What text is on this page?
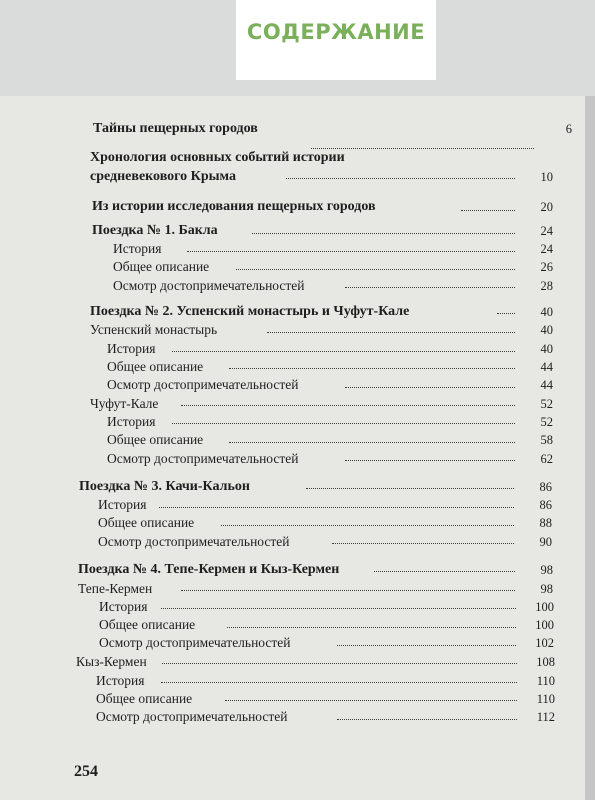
СОДЕРЖАНИЕ
Тайны пещерных городов	6
Хронология основных событий истории
средневекового Крыма	10
Из истории исследования пещерных городов	20
Поездка № 1. Бакла	24
История	24
Общее описание	26
Осмотр достопримечательностей	28
Поездка № 2. Успенский монастырь и Чуфут-Кале	40
Успенский монастырь	40
История	40
Общее описание	44
Осмотр достопримечательностей	44
Чуфут-Кале	52
История	52
Общее описание	58
Осмотр достопримечательностей	62
Поездка № 3. Качи-Кальон	86
История	86
Общее описание	88
Осмотр достопримечательностей	90
Поездка № 4. Тепе-Кермен и Кыз-Кермен	98
Тепе-Кермен	98
История	100
Общее описание	100
Осмотр достопримечательностей	102
Кыз-Кермен	108
История	110
Общее описание	110
Осмотр достопримечательностей	112
254
